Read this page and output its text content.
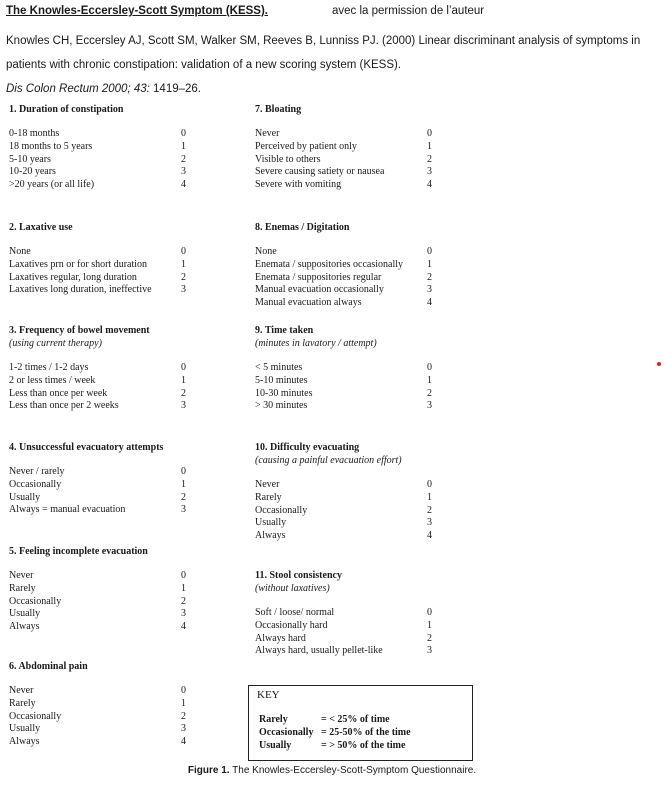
The Knowles-Eccersley-Scott Symptom (KESS).	avec la permission de l’auteur
Knowles CH, Eccersley AJ, Scott SM, Walker SM, Reeves B, Lunniss PJ. (2000) Linear discriminant analysis of symptoms in patients with chronic constipation: validation of a new scoring system (KESS).
Dis Colon Rectum 2000; 43: 1419–26.
1. Duration of constipation
0-18 months	0
18 months to 5 years	1
5-10 years	2
10-20 years	3
>20 years (or all life)	4
2. Laxative use
None	0
Laxatives prn or for short duration	1
Laxatives regular, long duration	2
Laxatives long duration, ineffective	3
3. Frequency of bowel movement
(using current therapy)
1-2 times / 1-2 days	0
2 or less times / week	1
Less than once per week	2
Less than once per 2 weeks	3
4. Unsuccessful evacuatory attempts
Never / rarely	0
Occasionally	1
Usually	2
Always = manual evacuation	3
5. Feeling incomplete evacuation
Never	0
Rarely	1
Occasionally	2
Usually	3
Always	4
6. Abdominal pain
Never	0
Rarely	1
Occasionally	2
Usually	3
Always	4
7. Bloating
Never	0
Perceived by patient only	1
Visible to others	2
Severe causing satiety or nausea	3
Severe with vomiting	4
8. Enemas / Digitation
None	0
Enemata / suppositories occasionally 1
Enemata / suppositories regular	2
Manual evacuation occasionally	3
Manual evacuation always	4
9. Time taken
(minutes in lavatory / attempt)
< 5 minutes	0
5-10 minutes	1
10-30 minutes	2
> 30 minutes	3
10. Difficulty evacuating
(causing a painful evacuation effort)
Never	0
Rarely	1
Occasionally	2
Usually	3
Always	4
11. Stool consistency
(without laxatives)
Soft / loose/ normal	0
Occasionally hard	1
Always hard	2
Always hard, usually pellet-like	3
KEY
Rarely	= < 25% of time
Occasionally = 25-50% of the time
Usually	= > 50% of the time
Figure 1. The Knowles-Eccersley-Scott-Symptom Questionnaire.
